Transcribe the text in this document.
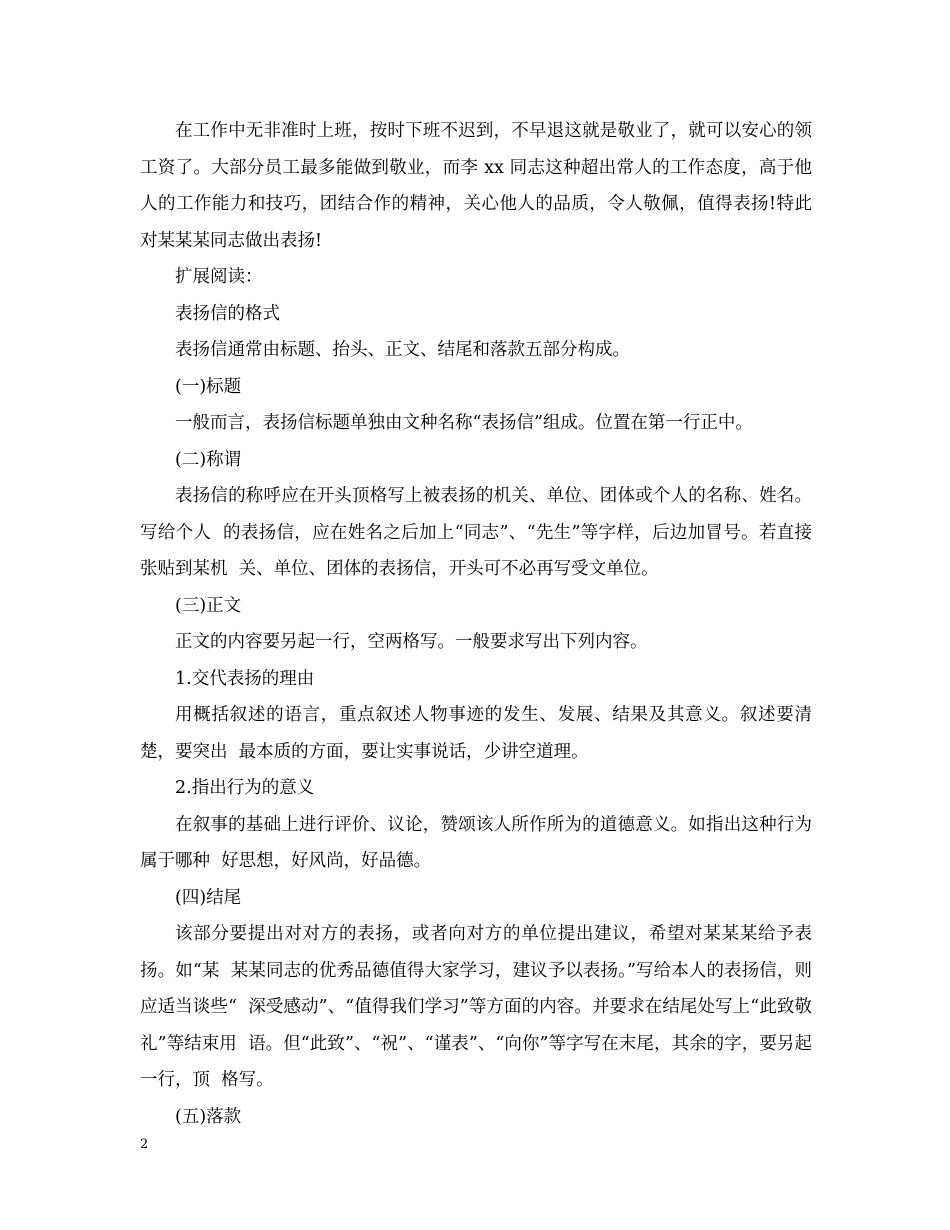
在工作中无非准时上班，按时下班不迟到，不早退这就是敬业了，就可以安心的领工资了。大部分员工最多能做到敬业，而李 xx 同志这种超出常人的工作态度，高于他人的工作能力和技巧，团结合作的精神，关心他人的品质，令人敬佩，值得表扬!特此对某某某同志做出表扬!

扩展阅读：

表扬信的格式

表扬信通常由标题、抬头、正文、结尾和落款五部分构成。

(一)标题

一般而言，表扬信标题单独由文种名称“表扬信”组成。位置在第一行正中。

(二)称谓

表扬信的称呼应在开头顶格写上被表扬的机关、单位、团体或个人的名称、姓名。写给个人  的表扬信，应在姓名之后加上“同志”、“先生”等字样，后边加冒号。若直接张贴到某机  关、单位、团体的表扬信，开头可不必再写受文单位。

(三)正文

正文的内容要另起一行，空两格写。一般要求写出下列内容。

1.交代表扬的理由

用概括叙述的语言，重点叙述人物事迹的发生、发展、结果及其意义。叙述要清楚，要突出  最本质的方面，要让实事说话，少讲空道理。

2.指出行为的意义

在叙事的基础上进行评价、议论，赞颂该人所作所为的道德意义。如指出这种行为属于哪种  好思想，好风尚，好品德。

(四)结尾

该部分要提出对对方的表扬，或者向对方的单位提出建议，希望对某某某给予表扬。如“某  某某同志的优秀品德值得大家学习，建议予以表扬。”写给本人的表扬信，则应适当谈些“  深受感动”、“值得我们学习”等方面的内容。并要求在结尾处写上“此致敬礼”等结束用  语。但“此致”、“祝”、“谨表”、“向你”等字写在末尾，其余的字，要另起一行，顶  格写。

(五)落款

2
